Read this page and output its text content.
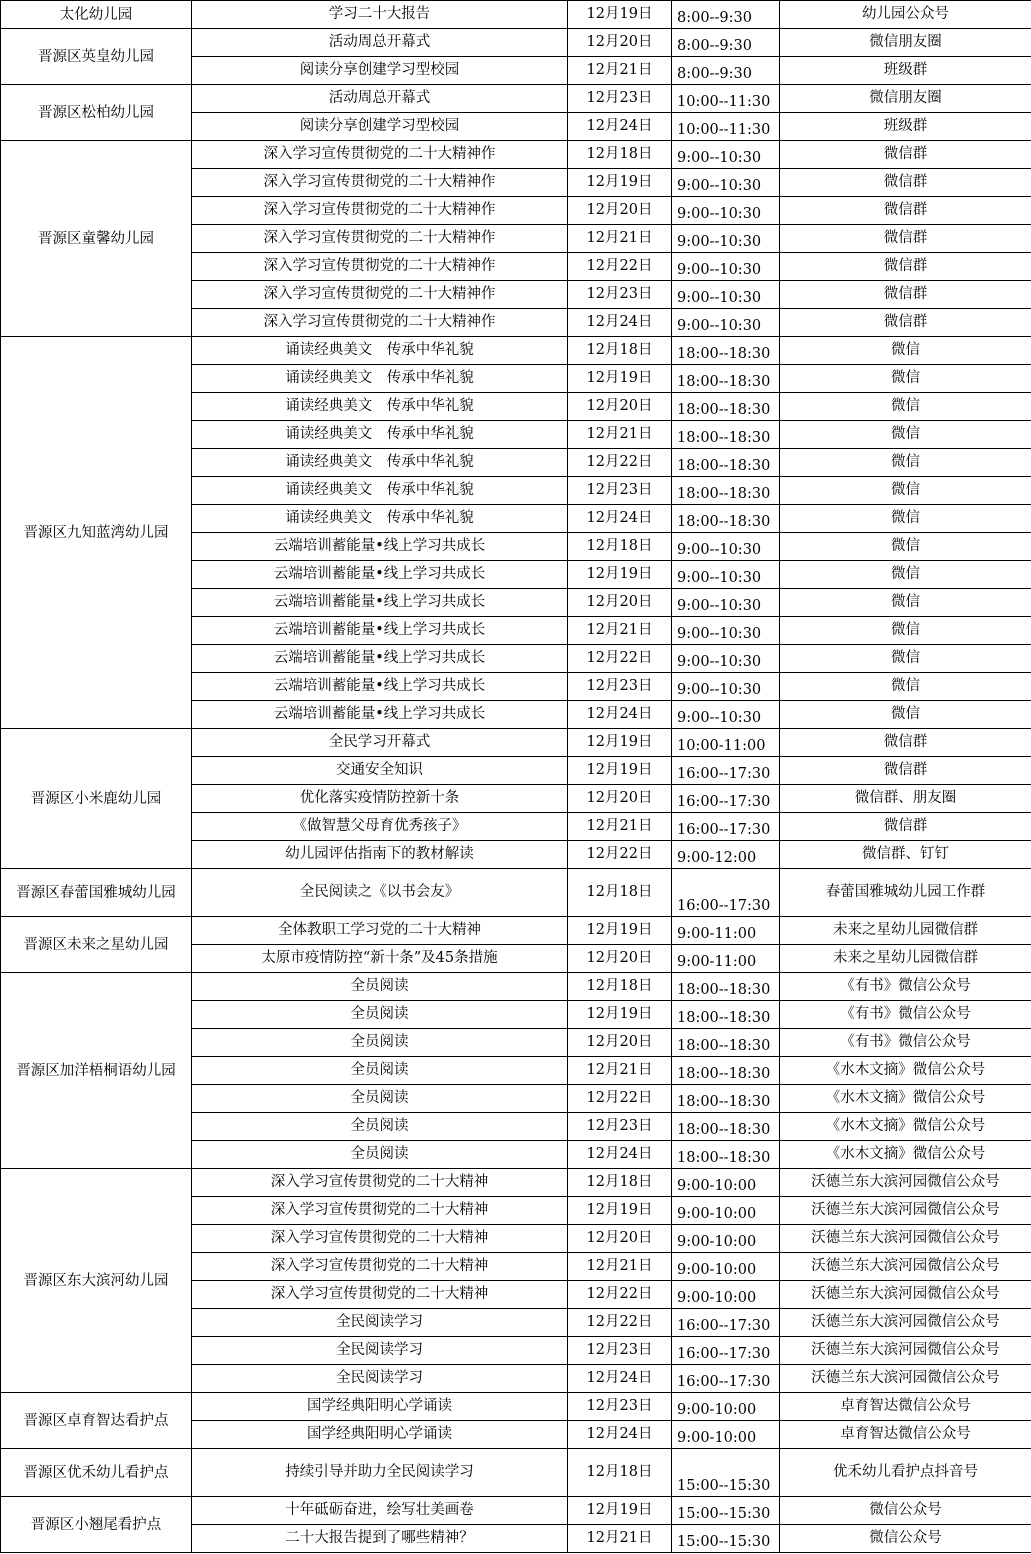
太化幼儿园	学习二十大报告	12月19日	8:00--9:30	幼儿园公众号
晋源区英皇幼儿园	活动周总开幕式	12月20日	8:00--9:30	微信朋友圈
	阅读分享创建学习型校园	12月21日	8:00--9:30	班级群
晋源区松柏幼儿园	活动周总开幕式	12月23日	10:00--11:30	微信朋友圈
	阅读分享创建学习型校园	12月24日	10:00--11:30	班级群
晋源区童馨幼儿园	深入学习宣传贯彻党的二十大精神作	12月18日	9:00--10:30	微信群
	深入学习宣传贯彻党的二十大精神作	12月19日	9:00--10:30	微信群
	深入学习宣传贯彻党的二十大精神作	12月20日	9:00--10:30	微信群
	深入学习宣传贯彻党的二十大精神作	12月21日	9:00--10:30	微信群
	深入学习宣传贯彻党的二十大精神作	12月22日	9:00--10:30	微信群
	深入学习宣传贯彻党的二十大精神作	12月23日	9:00--10:30	微信群
	深入学习宣传贯彻党的二十大精神作	12月24日	9:00--10:30	微信群
晋源区九知蓝湾幼儿园	诵读经典美文　传承中华礼貌	12月18日	18:00--18:30	微信
	诵读经典美文　传承中华礼貌	12月19日	18:00--18:30	微信
	诵读经典美文　传承中华礼貌	12月20日	18:00--18:30	微信
	诵读经典美文　传承中华礼貌	12月21日	18:00--18:30	微信
	诵读经典美文　传承中华礼貌	12月22日	18:00--18:30	微信
	诵读经典美文　传承中华礼貌	12月23日	18:00--18:30	微信
	诵读经典美文　传承中华礼貌	12月24日	18:00--18:30	微信
	云端培训蓄能量•线上学习共成长	12月18日	9:00--10:30	微信
	云端培训蓄能量•线上学习共成长	12月19日	9:00--10:30	微信
	云端培训蓄能量•线上学习共成长	12月20日	9:00--10:30	微信
	云端培训蓄能量•线上学习共成长	12月21日	9:00--10:30	微信
	云端培训蓄能量•线上学习共成长	12月22日	9:00--10:30	微信
	云端培训蓄能量•线上学习共成长	12月23日	9:00--10:30	微信
	云端培训蓄能量•线上学习共成长	12月24日	9:00--10:30	微信
晋源区小米鹿幼儿园	全民学习开幕式	12月19日	10:00-11:00	微信群
	交通安全知识	12月19日	16:00--17:30	微信群
	优化落实疫情防控新十条	12月20日	16:00--17:30	微信群、朋友圈
	《做智慧父母育优秀孩子》	12月21日	16:00--17:30	微信群
	幼儿园评估指南下的教材解读	12月22日	9:00-12:00	微信群、钉钉
晋源区春蕾国雅城幼儿园	全民阅读之《以书会友》	12月18日	16:00--17:30	春蕾国雅城幼儿园工作群
晋源区未来之星幼儿园	全体教职工学习党的二十大精神	12月19日	9:00-11:00	未来之星幼儿园微信群
	太原市疫情防控“新十条”及45条措施	12月20日	9:00-11:00	未来之星幼儿园微信群
晋源区加洋梧桐语幼儿园	全员阅读	12月18日	18:00--18:30	《有书》微信公众号
	全员阅读	12月19日	18:00--18:30	《有书》微信公众号
	全员阅读	12月20日	18:00--18:30	《有书》微信公众号
	全员阅读	12月21日	18:00--18:30	《水木文摘》微信公众号
	全员阅读	12月22日	18:00--18:30	《水木文摘》微信公众号
	全员阅读	12月23日	18:00--18:30	《水木文摘》微信公众号
	全员阅读	12月24日	18:00--18:30	《水木文摘》微信公众号
晋源区东大滨河幼儿园	深入学习宣传贯彻党的二十大精神	12月18日	9:00-10:00	沃德兰东大滨河园微信公众号
	深入学习宣传贯彻党的二十大精神	12月19日	9:00-10:00	沃德兰东大滨河园微信公众号
	深入学习宣传贯彻党的二十大精神	12月20日	9:00-10:00	沃德兰东大滨河园微信公众号
	深入学习宣传贯彻党的二十大精神	12月21日	9:00-10:00	沃德兰东大滨河园微信公众号
	深入学习宣传贯彻党的二十大精神	12月22日	9:00-10:00	沃德兰东大滨河园微信公众号
	全民阅读学习	12月22日	16:00--17:30	沃德兰东大滨河园微信公众号
	全民阅读学习	12月23日	16:00--17:30	沃德兰东大滨河园微信公众号
	全民阅读学习	12月24日	16:00--17:30	沃德兰东大滨河园微信公众号
晋源区卓育智达看护点	国学经典阳明心学诵读	12月23日	9:00-10:00	卓育智达微信公众号
	国学经典阳明心学诵读	12月24日	9:00-10:00	卓育智达微信公众号
晋源区优禾幼儿看护点	持续引导并助力全民阅读学习	12月18日	15:00--15:30	优禾幼儿看护点抖音号
晋源区小翘尾看护点	十年砥砺奋进，绘写壮美画卷	12月19日	15:00--15:30	微信公众号
	二十大报告提到了哪些精神？	12月21日	15:00--15:30	微信公众号
